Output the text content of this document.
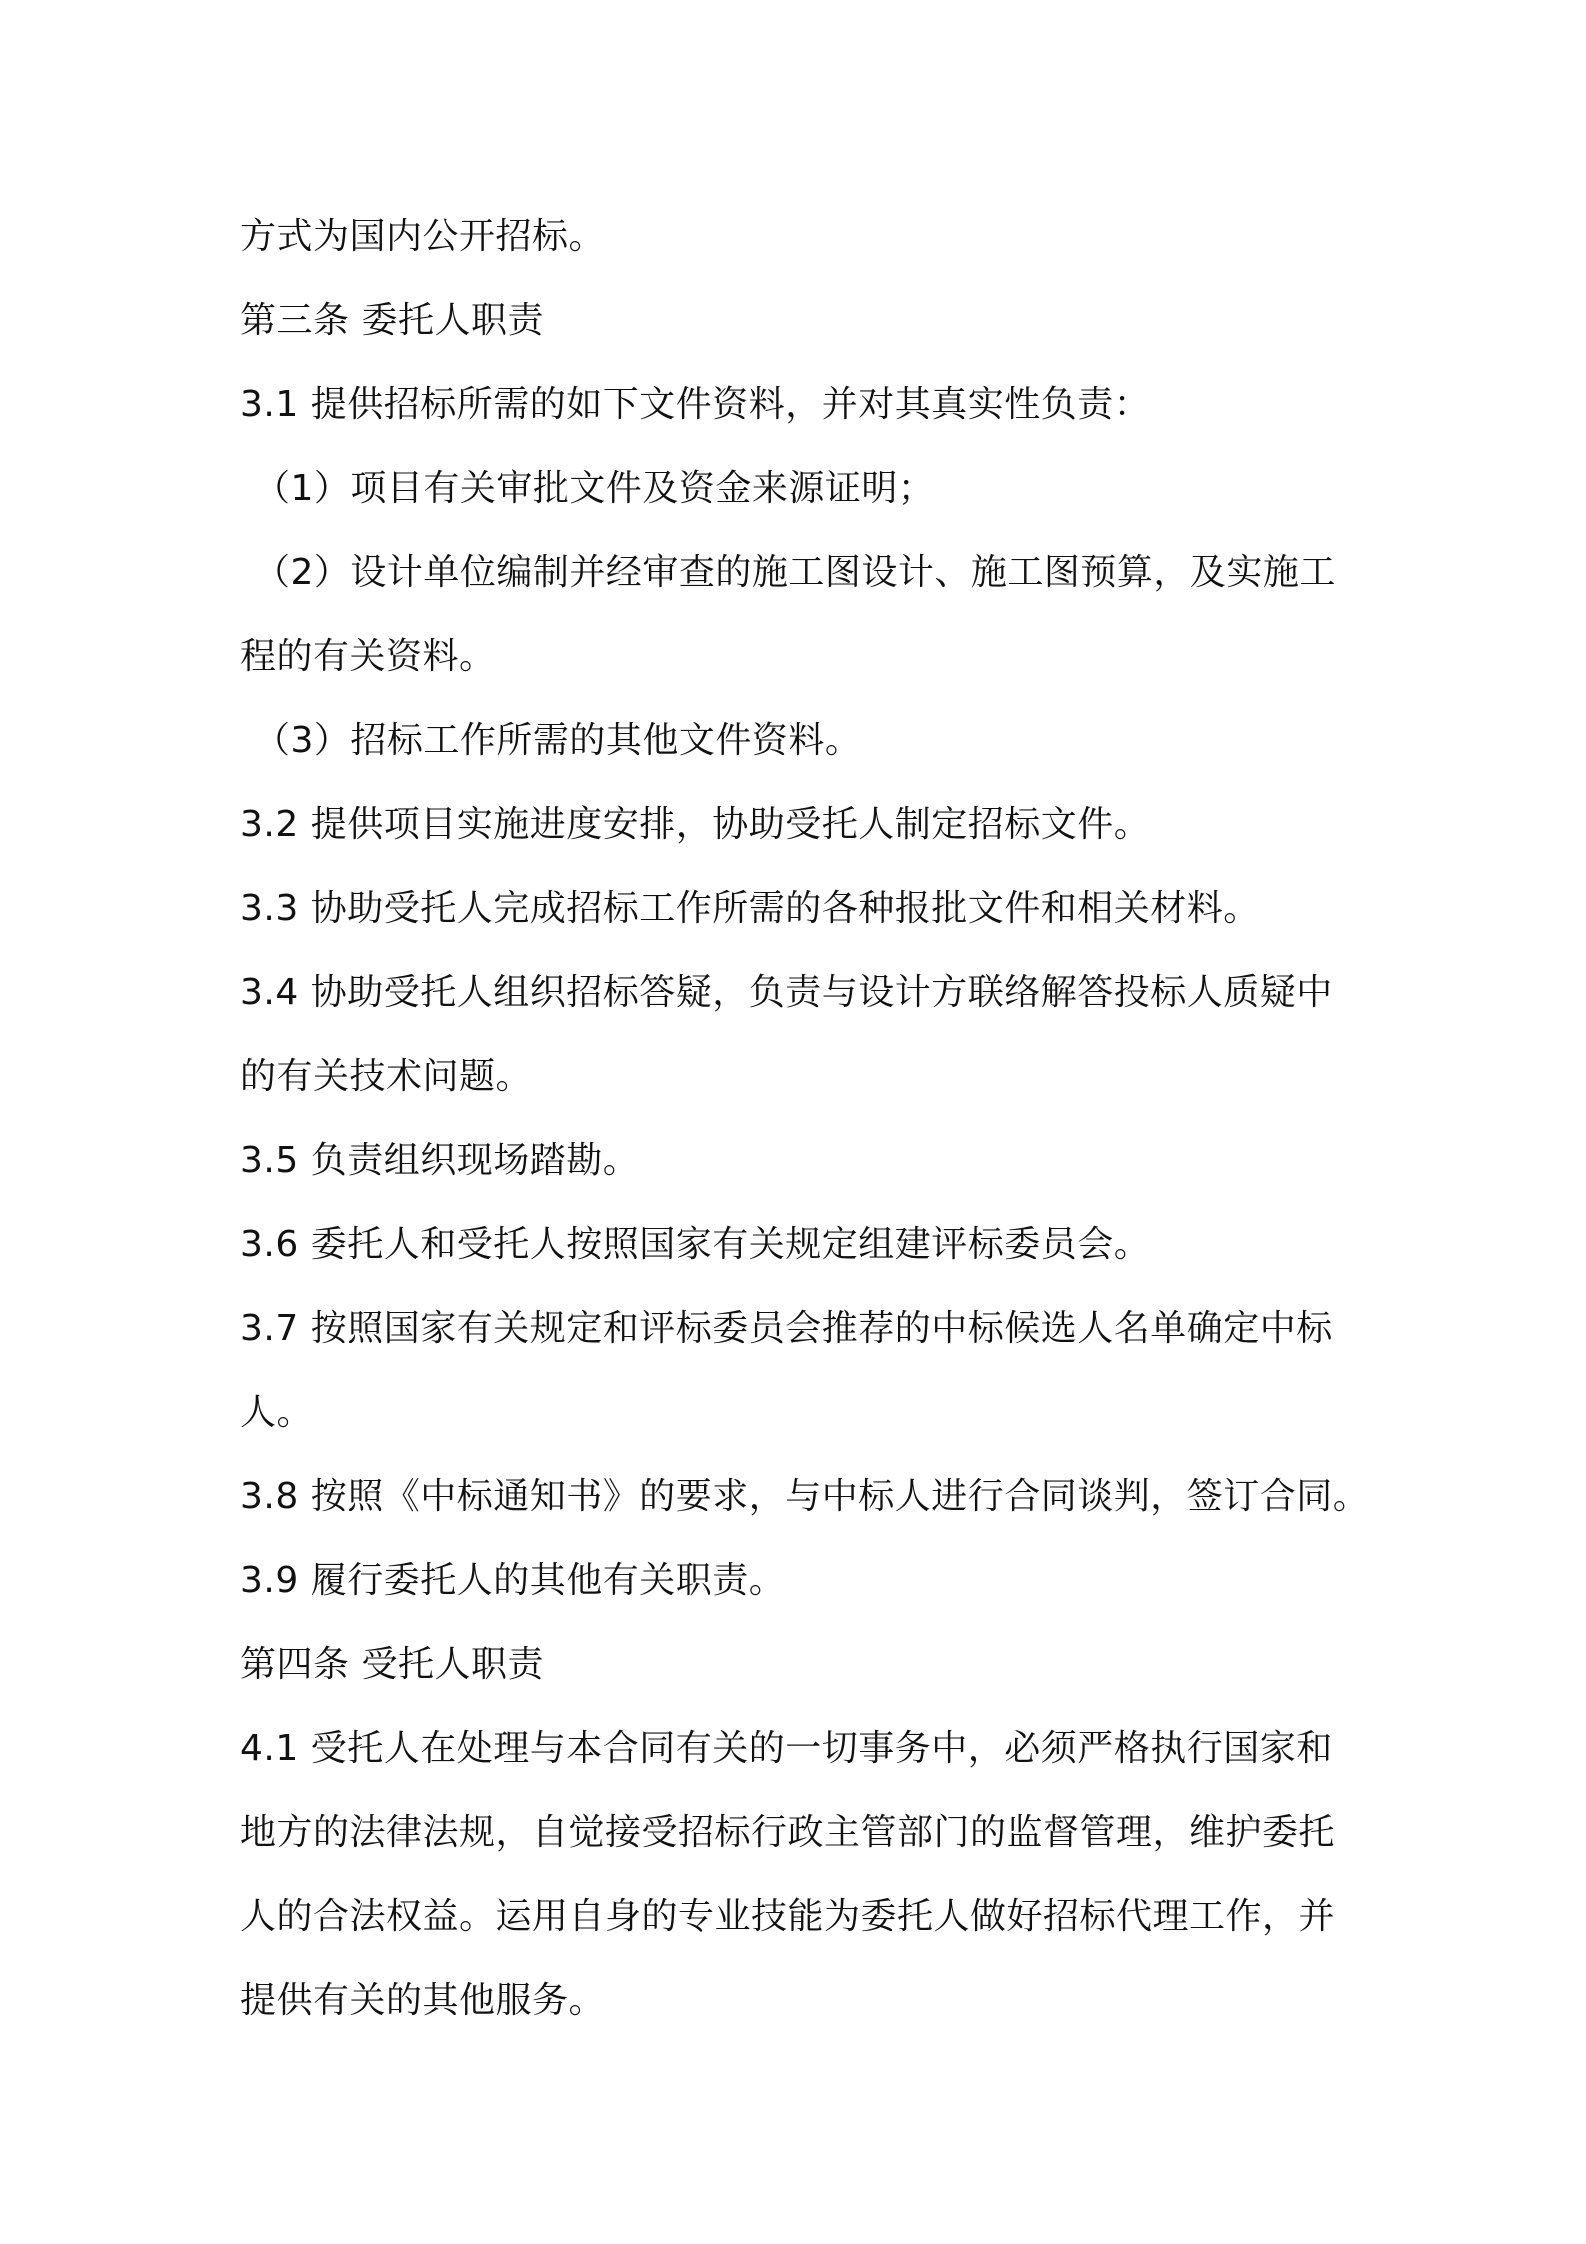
方式为国内公开招标。
第三条 委托人职责
3.1 提供招标所需的如下文件资料，并对其真实性负责：
（1）项目有关审批文件及资金来源证明；
（2）设计单位编制并经审查的施工图设计、施工图预算，及实施工
程的有关资料。
（3）招标工作所需的其他文件资料。
3.2 提供项目实施进度安排，协助受托人制定招标文件。
3.3 协助受托人完成招标工作所需的各种报批文件和相关材料。
3.4 协助受托人组织招标答疑，负责与设计方联络解答投标人质疑中
的有关技术问题。
3.5 负责组织现场踏勘。
3.6 委托人和受托人按照国家有关规定组建评标委员会。
3.7 按照国家有关规定和评标委员会推荐的中标候选人名单确定中标
人。
3.8 按照《中标通知书》的要求，与中标人进行合同谈判，签订合同。
3.9 履行委托人的其他有关职责。
第四条 受托人职责
4.1 受托人在处理与本合同有关的一切事务中，必须严格执行国家和
地方的法律法规，自觉接受招标行政主管部门的监督管理，维护委托
人的合法权益。运用自身的专业技能为委托人做好招标代理工作，并
提供有关的其他服务。
